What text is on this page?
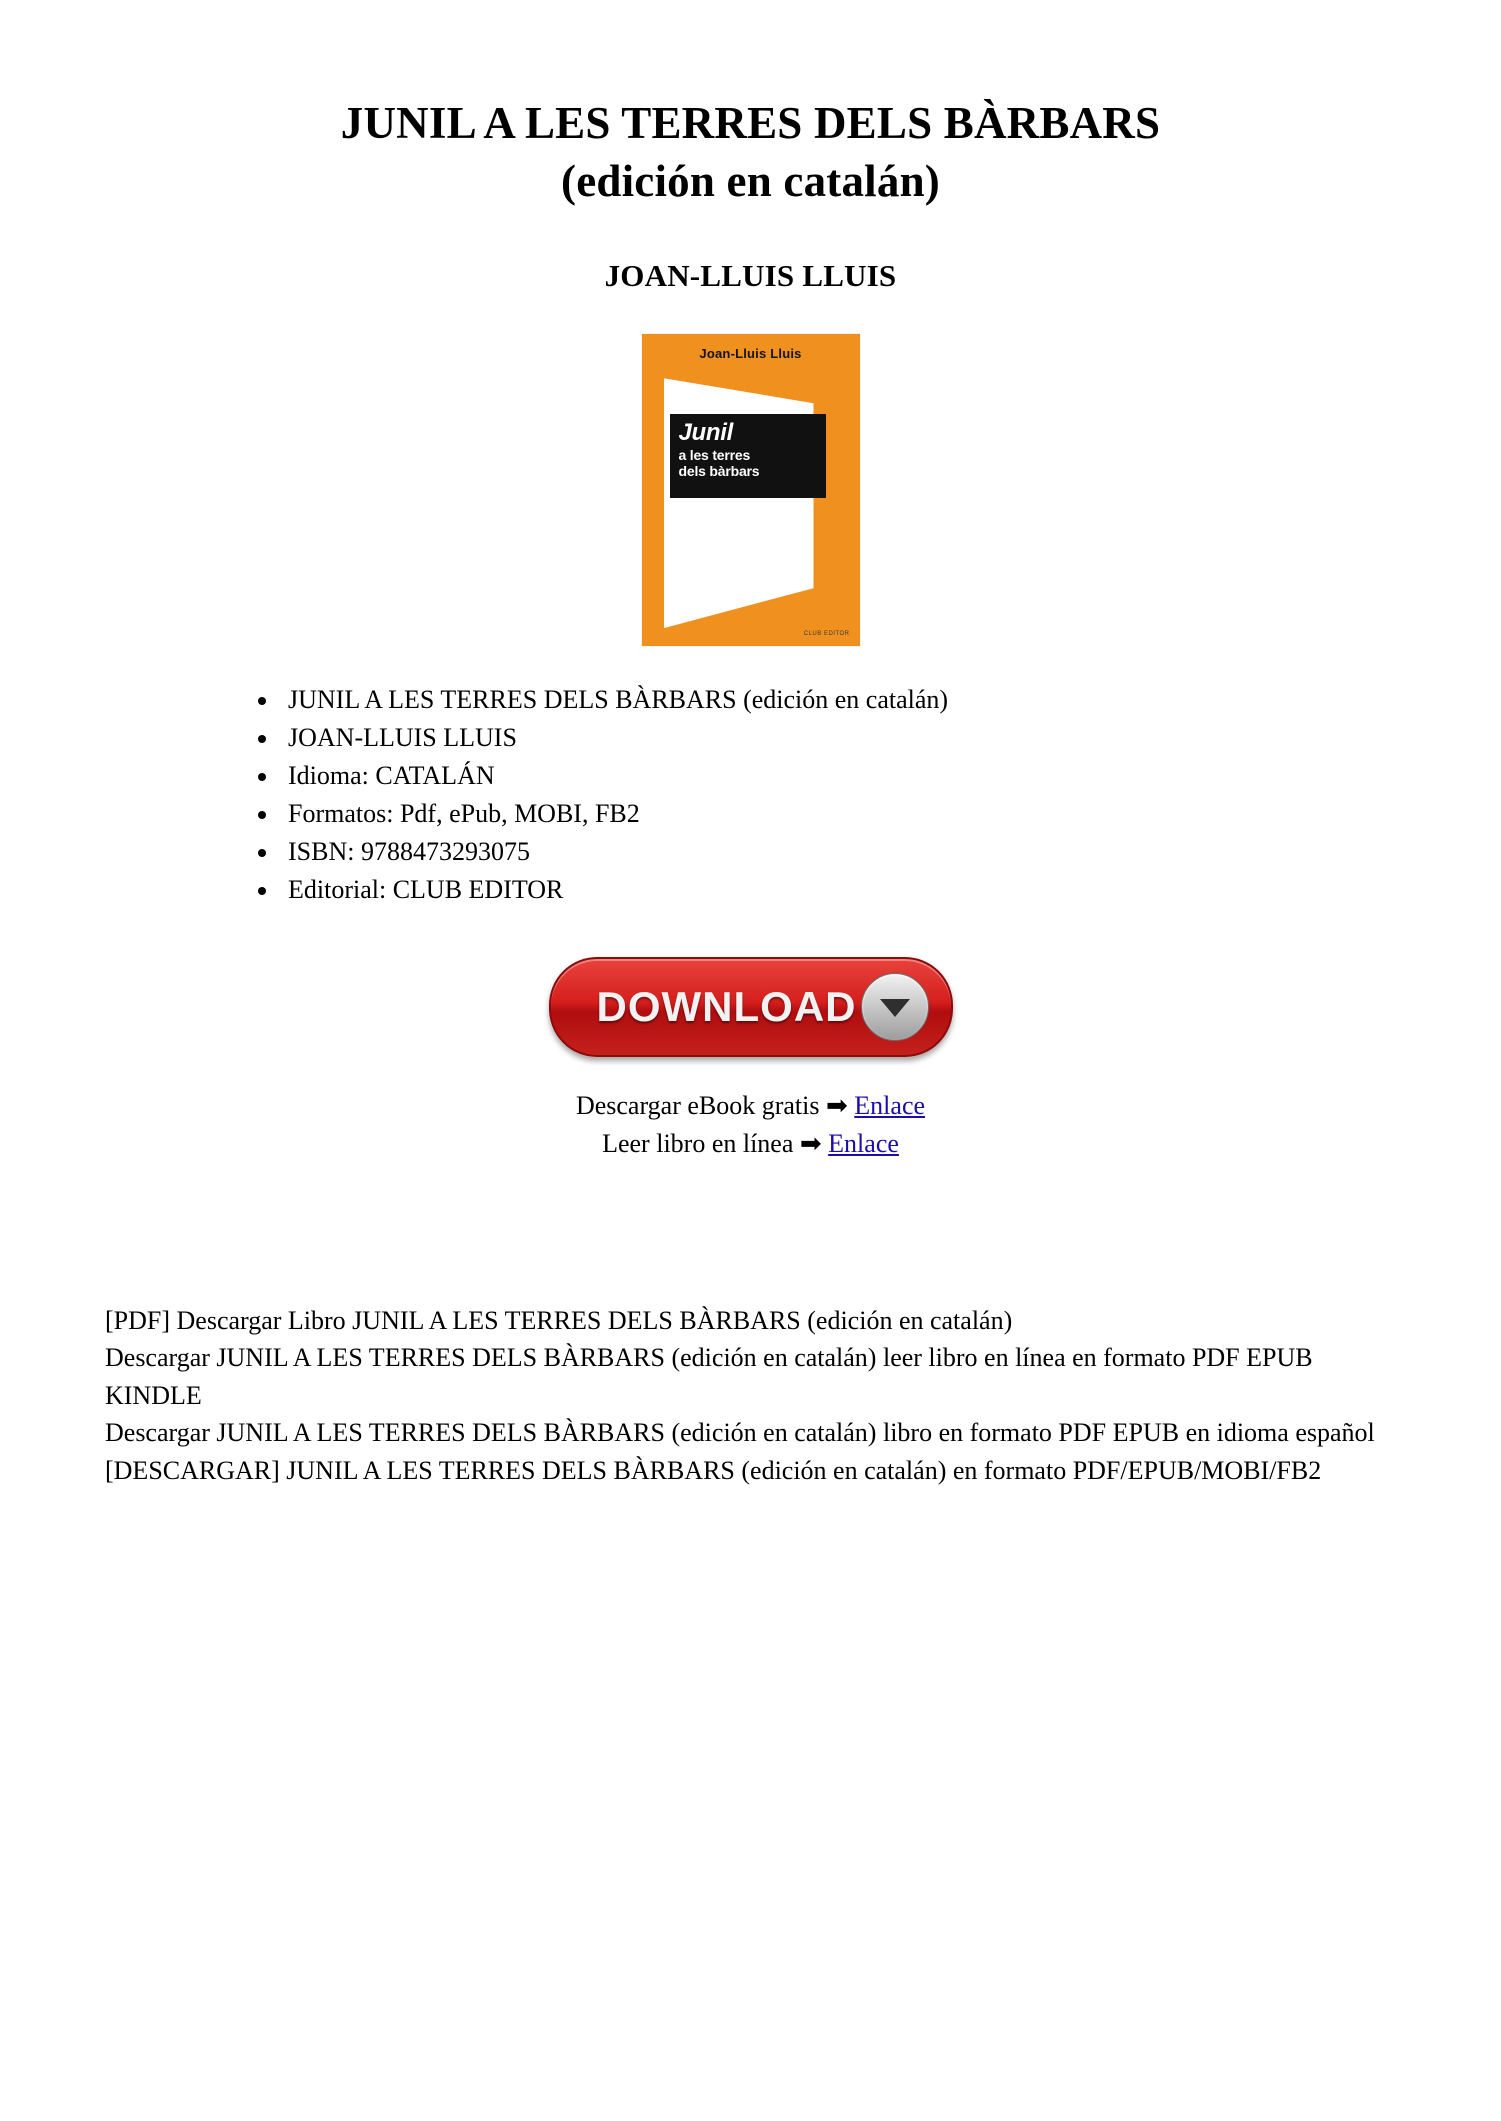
JUNIL A LES TERRES DELS BÀRBARS
(edición en catalán)
JOAN-LLUIS LLUIS
Joan-Lluis Lluis
Junil
a les terres
dels bàrbars
CLUB EDITOR
• JUNIL A LES TERRES DELS BÀRBARS (edición en catalán)
• JOAN-LLUIS LLUIS
• Idioma: CATALÁN
• Formatos: Pdf, ePub, MOBI, FB2
• ISBN: 9788473293075
• Editorial: CLUB EDITOR
DOWNLOAD
Descargar eBook gratis ➡ Enlace
Leer libro en línea ➡ Enlace

[PDF] Descargar Libro JUNIL A LES TERRES DELS BÀRBARS (edición en catalán)

Descargar JUNIL A LES TERRES DELS BÀRBARS (edición en catalán) leer libro en línea en formato PDF EPUB KINDLE

Descargar JUNIL A LES TERRES DELS BÀRBARS (edición en catalán) libro en formato PDF EPUB en idioma español

[DESCARGAR] JUNIL A LES TERRES DELS BÀRBARS (edición en catalán) en formato PDF/EPUB/MOBI/FB2
